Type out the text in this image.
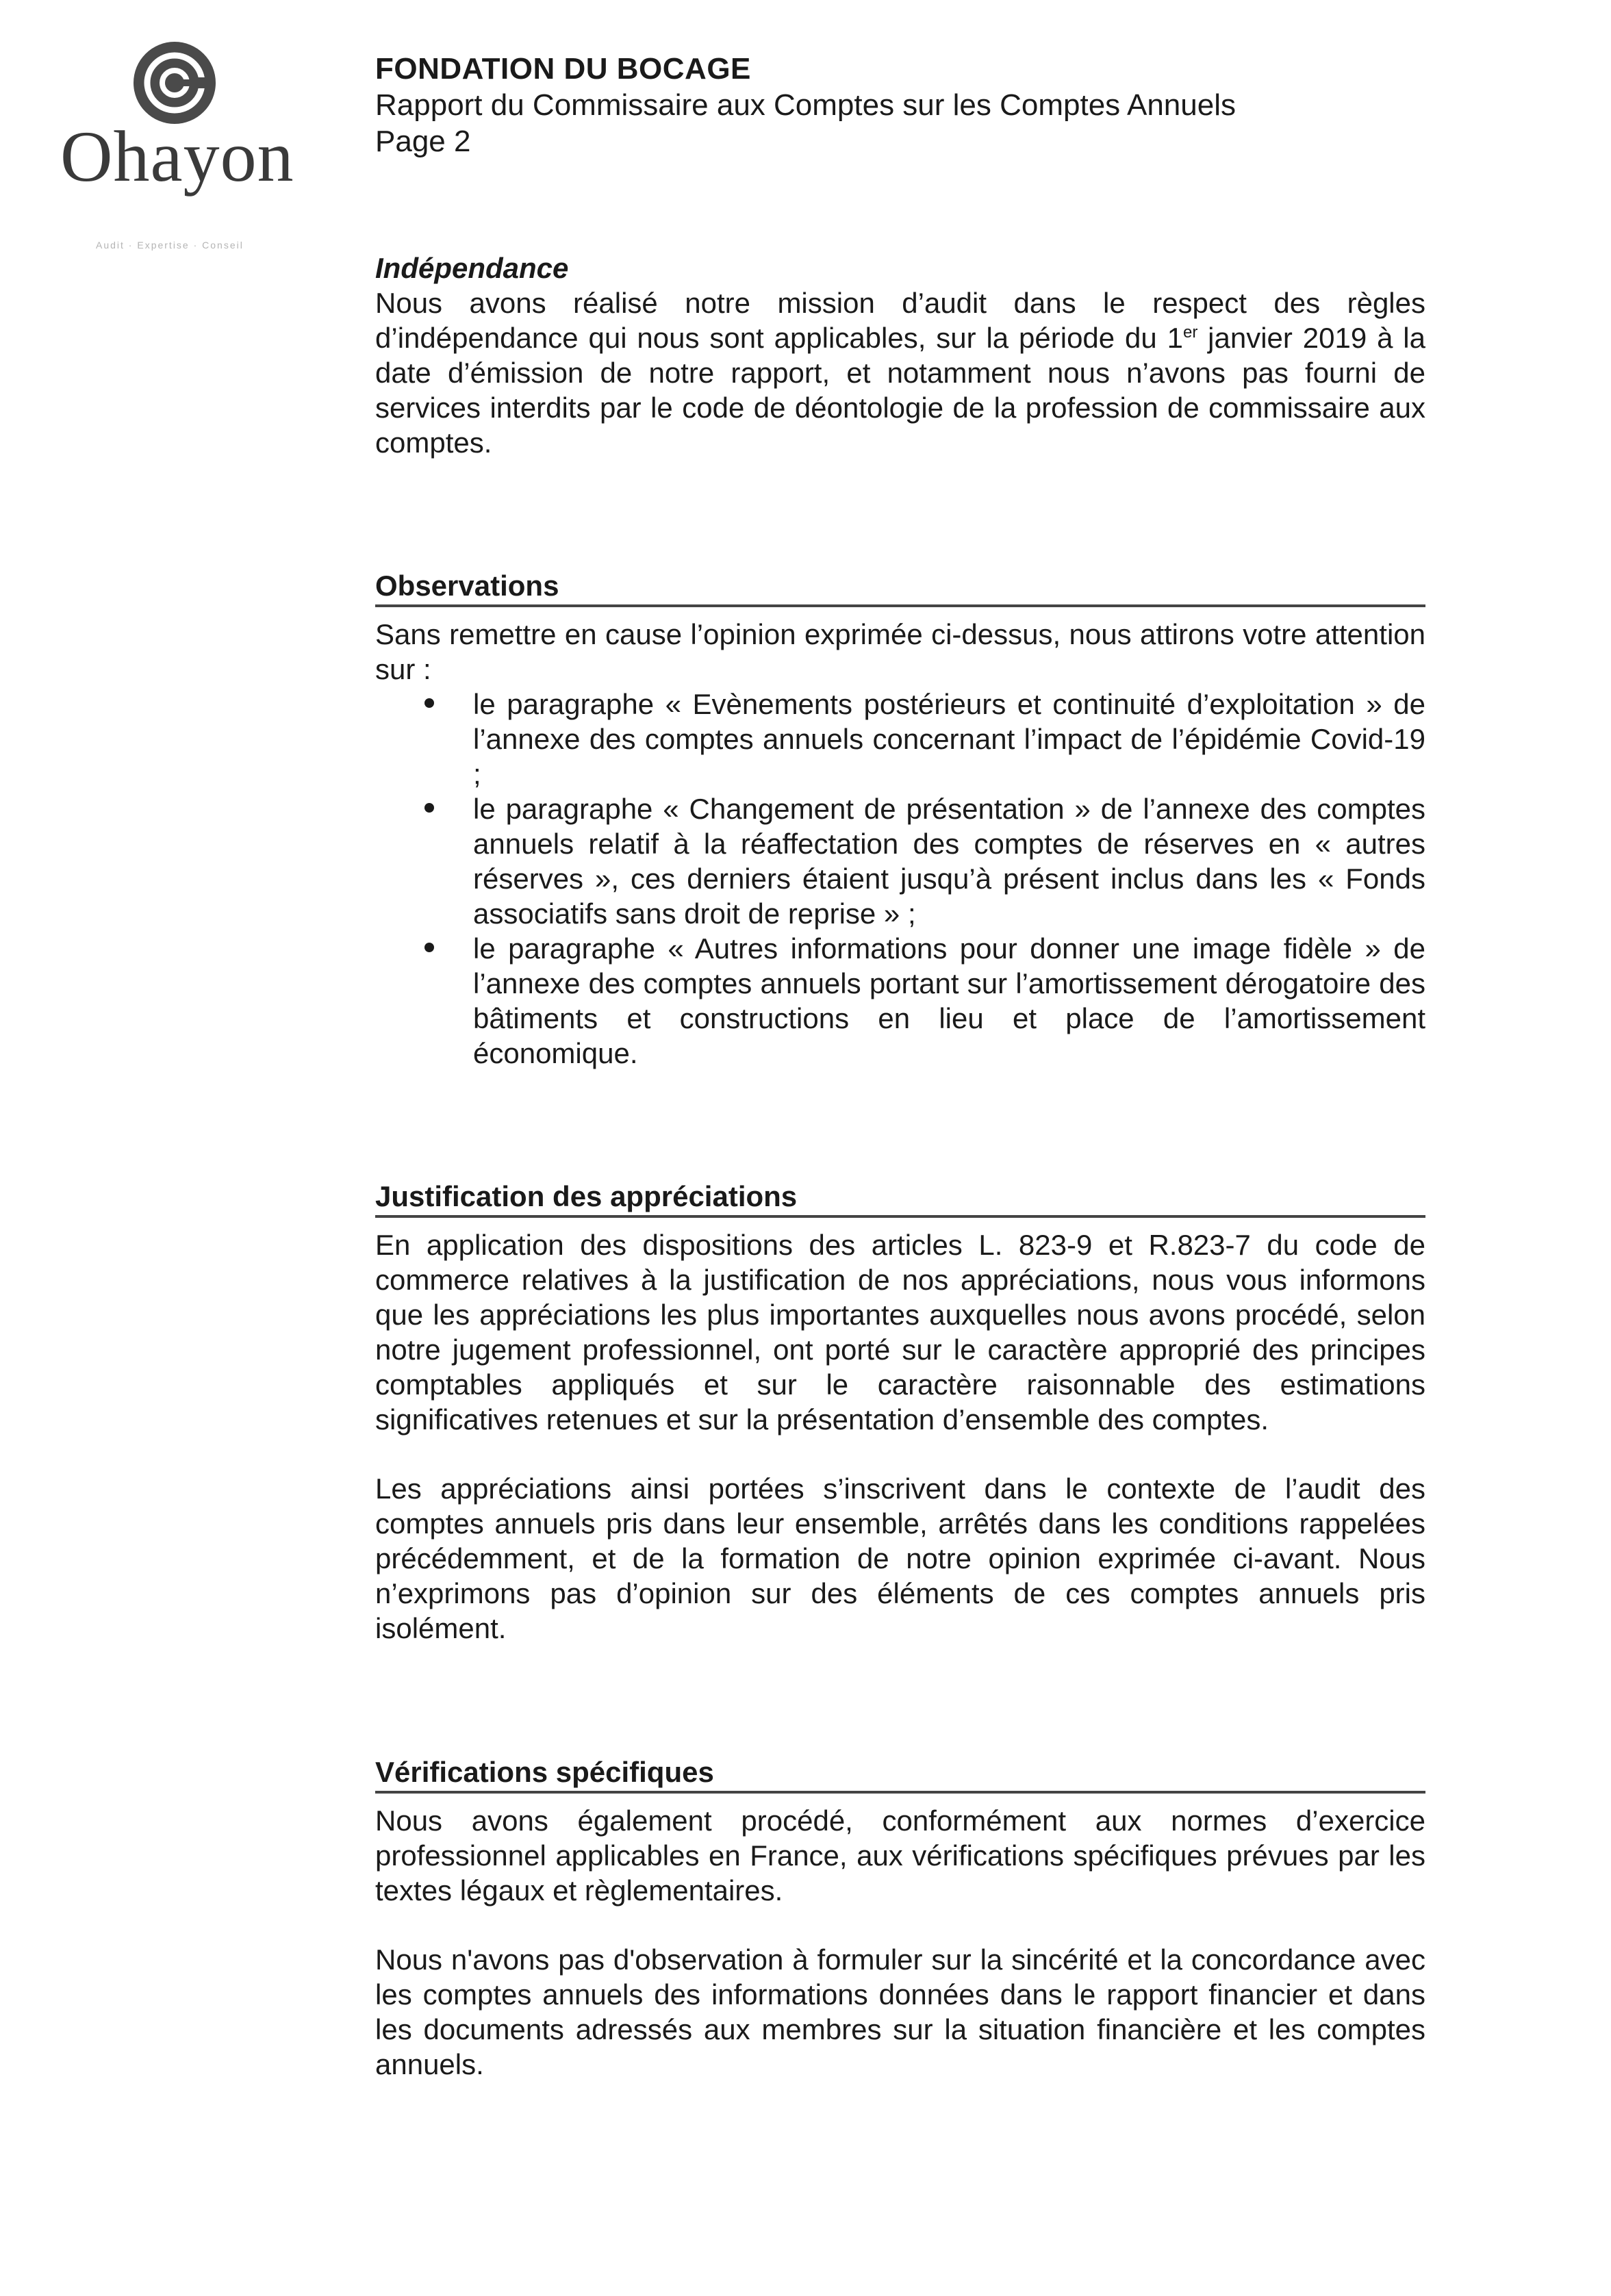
Ohayon
Audit · Expertise · Conseil
FONDATION DU BOCAGE
Rapport du Commissaire aux Comptes sur les Comptes Annuels
Page 2

Indépendance

Nous avons réalisé notre mission d’audit dans le respect des règles d’indépendance qui nous sont applicables, sur la période du 1er janvier 2019 à la date d’émission de notre rapport, et notamment nous n’avons pas fourni de services interdits par le code de déontologie de la profession de commissaire aux comptes.

Observations

Sans remettre en cause l’opinion exprimée ci-dessus, nous attirons votre attention sur :

le paragraphe « Evènements postérieurs et continuité d’exploitation » de l’annexe des comptes annuels concernant l’impact de l’épidémie Covid-19 ;
le paragraphe « Changement de présentation » de l’annexe des comptes annuels relatif à la réaffectation des comptes de réserves en « autres réserves », ces derniers étaient jusqu’à présent inclus dans les « Fonds associatifs sans droit de reprise » ;
le paragraphe « Autres informations pour donner une image fidèle » de l’annexe des comptes annuels portant sur l’amortissement dérogatoire des bâtiments et constructions en lieu et place de l’amortissement économique.

Justification des appréciations

En application des dispositions des articles L. 823-9 et R.823-7 du code de commerce relatives à la justification de nos appréciations, nous vous informons que les appréciations les plus importantes auxquelles nous avons procédé, selon notre jugement professionnel, ont porté sur le caractère approprié des principes comptables appliqués et sur le caractère raisonnable des estimations significatives retenues et sur la présentation d’ensemble des comptes.

Les appréciations ainsi portées s’inscrivent dans le contexte de l’audit des comptes annuels pris dans leur ensemble, arrêtés dans les conditions rappelées précédemment, et de la formation de notre opinion exprimée ci-avant. Nous n’exprimons pas d’opinion sur des éléments de ces comptes annuels pris isolément.

Vérifications spécifiques

Nous avons également procédé, conformément aux normes d’exercice professionnel applicables en France, aux vérifications spécifiques prévues par les textes légaux et règlementaires.

Nous n'avons pas d'observation à formuler sur la sincérité et la concordance avec les comptes annuels des informations données dans le rapport financier et dans les documents adressés aux membres sur la situation financière et les comptes annuels.
